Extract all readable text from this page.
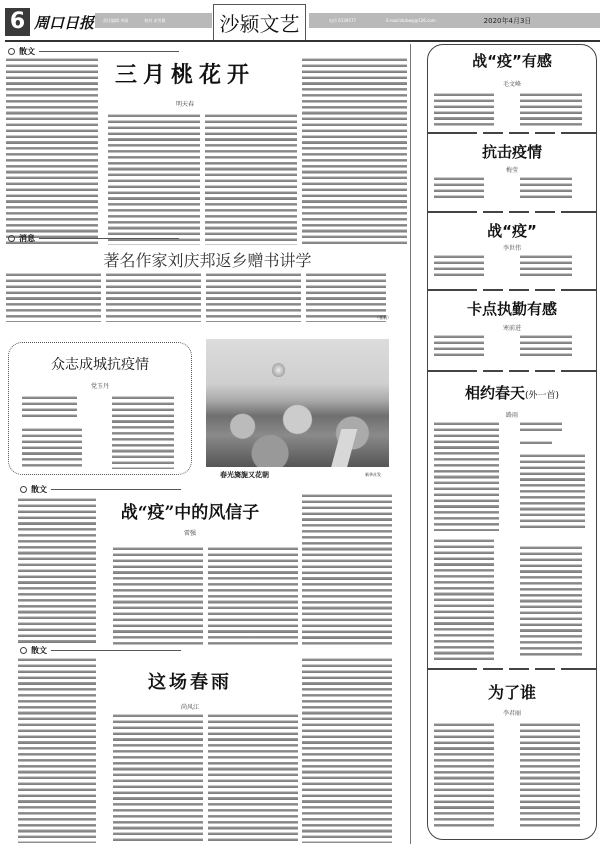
6 周口日报 责任编辑 李丽	校对 宋雪雁	沙颍文艺	电话 6139577	E-mail:zkrbwy@126.com	2020年4月3日
散文
三月桃花开
明天春
消息
著名作家刘庆邦返乡赠书讲学
（张莉）
众志成城抗疫情
党玉丹
春光旖旎又花朝	新华社发
散文
战“疫”中的风信子
雷强
散文
这场春雨
尚风江
战“疫”有感
毛文峰
抗击疫情
梅莹
战“疫”
李世伟
卡点执勤有感
寒前进
相约春天(外一首)
路雨
为了谁
李君丽
